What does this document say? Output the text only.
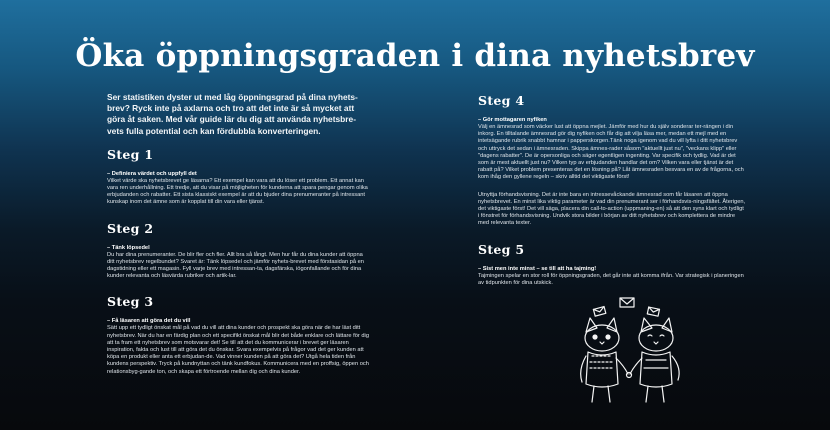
Öka öppningsgraden i dina nyhetsbrev

Ser statistiken dyster ut med låg öppningsgrad på dina nyhets-brev? Ryck inte på axlarna och tro att det inte är så mycket att göra åt saken. Med vår guide lär du dig att använda nyhetsbre-vets fulla potential och kan fördubbla konverteringen.

Steg 1

– Definiera värdet och uppfyll det

Vilket värde ska nyhetsbrevet ge läsarna? Ett exempel kan vara att du löser ett problem. Ett annat kan vara ren underhållning. Ett tredje, att du visar på möjligheten för kunderna att spara pengar genom olika erbjudanden och rabatter. Ett sista klassiskt exempel är att du bjuder dina prenumeranter på intressant kunskap inom det ämne som är kopplat till din vara eller tjänst.

Steg 2

– Tänk löpsedel

Du har dina prenumeranter. De blir fler och fler. Allt bra så långt. Men hur får du dina kunder att öppna ditt nyhetsbrev regelbundet? Svaret är: Tänk löpsedel och jämför nyhets-brevet med förstasidan på en dagstidning eller ett magasin. Fyll varje brev med intressan-ta, dagsfärska, iögonfallande och för dina kunder relevanta och läsvärda rubriker och artik-lar.

Steg 3

– Få läsaren att göra det du vill

Sätt upp ett tydligt önskat mål på vad du vill att dina kunder och prospekt ska göra när de har läst ditt nyhetsbrev. När du har en färdig plan och ett specifikt önskat mål blir det både enklare och lättare för dig att ta fram ett nyhetsbrev som motsvarar det! Se till att det du kommunicerar i brevet ger läsaren inspiration, fakta och lust till att göra det du önskar. Svara exempelvis på frågor vad det ger kunden att köpa en produkt eller anta ett erbjudan-de. Vad vinner kunden på att göra det? Utgå hela tiden från kundens perspektiv. Tryck på kundnyttan och tänk kundfokus. Kommunicera med en proffsig, öppen och relationsbyg-gande ton, och skapa ett förtroende mellan dig och dina kunder.

Steg 4

– Gör mottagaren nyfiken

Välj en ämnesrad som väcker lust att öppna mejlet. Jämför med hur du själv sonderar ter-rängen i din inkorg. En tilltalande ämnesrad gör dig nyfiken och får dig att vilja läsa mer, medan ett mejl med en intetsägande rubrik snabbt hamnar i papperskorgen.Tänk noga igenom vad du vill lyfta i ditt nyhetsbrev och uttryck det sedan i ämnesraden. Skippa ämnes-rader såsom "aktuellt just nu", "veckans klipp" eller "dagens rabatter". De är opersonliga och säger egentligen ingenting. Var specifik och tydlig. Vad är det som är mest aktuellt just nu? Vilken typ av erbjudanden handlar det om? Vilken vara eller tjänst är det rabatt på? Vilket problem presenteras det en lösning på? Låt ämnesraden besvara en av de frågorna, och kom ihåg den gyllene regeln – skriv alltid det viktigaste först!

Utnyttja förhandsvisning. Det är inte bara en intressevåckande ämnesrad som får läsaren att öppna nyhetsbrevet. En minst lika viktig parameter är vad din prenumerant ser i förhandsvis-ningsfältet. Återigen, det viktigaste först! Det vill säga, placera din call-to-action (uppmaning-en) så att den syns klart och tydligt i fönstret för förhandsvisning. Undvik stora bilder i början av ditt nyhetsbrev och komplettera de mindre med relevanta texter.

Steg 5

– Sist men inte minst – se till att ha tajming!

Tajmingen spelar en stor roll för öppningsgraden, det går inte att komma ifrån. Var strategisk i planeringen av tidpunkten för dina utskick.
